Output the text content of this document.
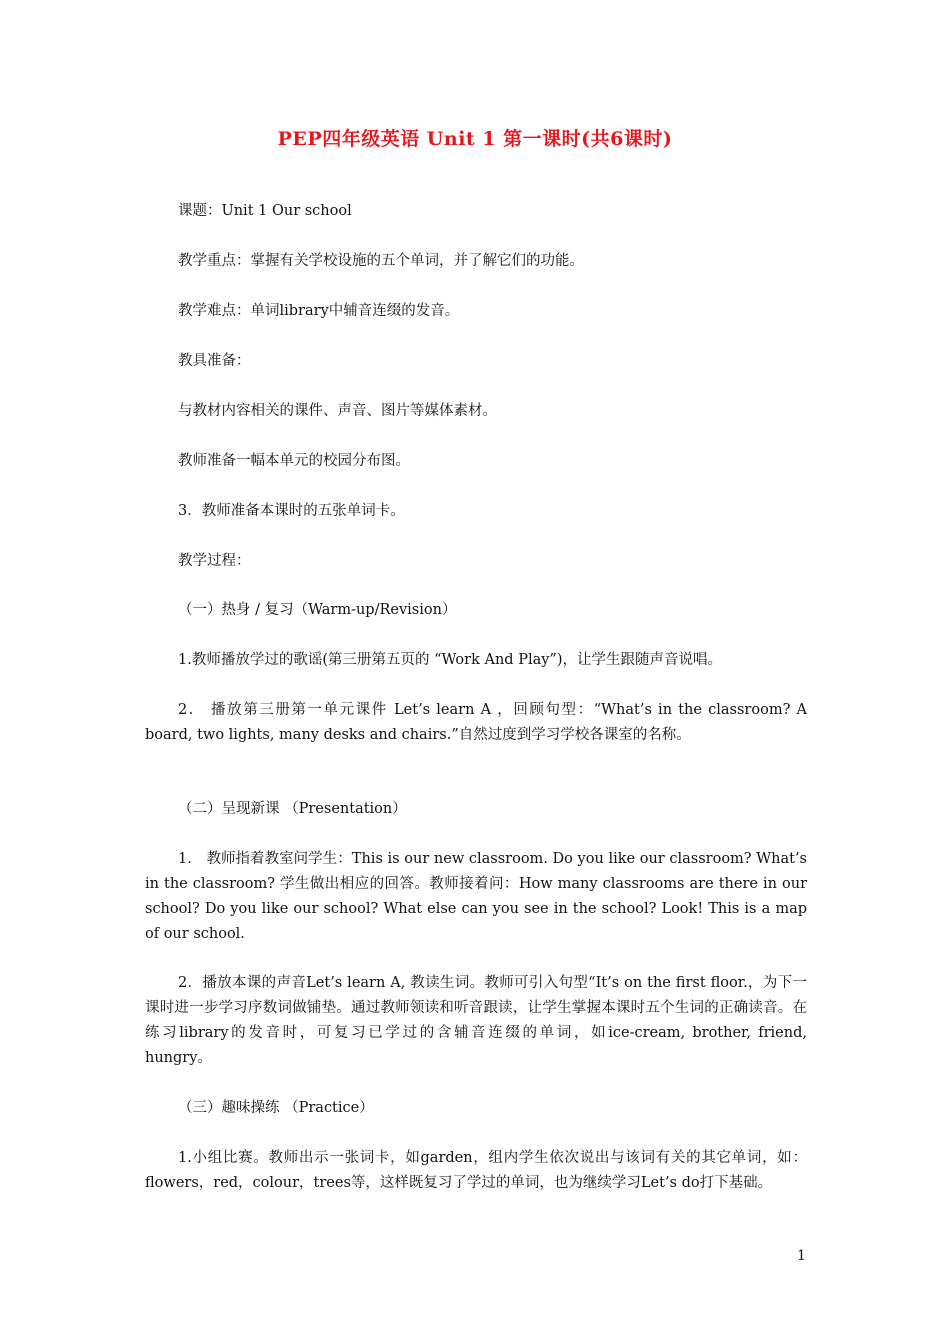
PEP四年级英语 Unit 1 第一课时(共6课时)
课题：Unit 1 Our school
教学重点：掌握有关学校设施的五个单词，并了解它们的功能。
教学难点：单词library中辅音连缀的发音。
教具准备：
与教材内容相关的课件、声音、图片等媒体素材。
教师准备一幅本单元的校园分布图。
3．教师准备本课时的五张单词卡。
教学过程：
（一）热身 / 复习（Warm-up/Revision）
1.教师播放学过的歌谣(第三册第五页的 “Work And Play”)，让学生跟随声音说唱。
2． 播放第三册第一单元课件 Let’s learn A ，回顾句型：“What’s in the classroom? A board, two lights, many desks and chairs.”自然过度到学习学校各课室的名称。
（二）呈现新课 （Presentation）
1． 教师指着教室问学生：This is our new classroom. Do you like our classroom? What’s in the classroom? 学生做出相应的回答。教师接着问：How many classrooms are there in our school? Do you like our school? What else can you see in the school? Look! This is a map of our school.
2．播放本课的声音Let’s learn A, 教读生词。教师可引入句型“It’s on the first floor.，为下一课时进一步学习序数词做铺垫。通过教师领读和听音跟读，让学生掌握本课时五个生词的正确读音。在练习library的发音时，可复习已学过的含辅音连缀的单词，如ice-cream, brother, friend, hungry。
（三）趣味操练 （Practice）
1.小组比赛。教师出示一张词卡，如garden，组内学生依次说出与该词有关的其它单词，如：flowers，red，colour，trees等，这样既复习了学过的单词，也为继续学习Let’s do打下基础。
1
